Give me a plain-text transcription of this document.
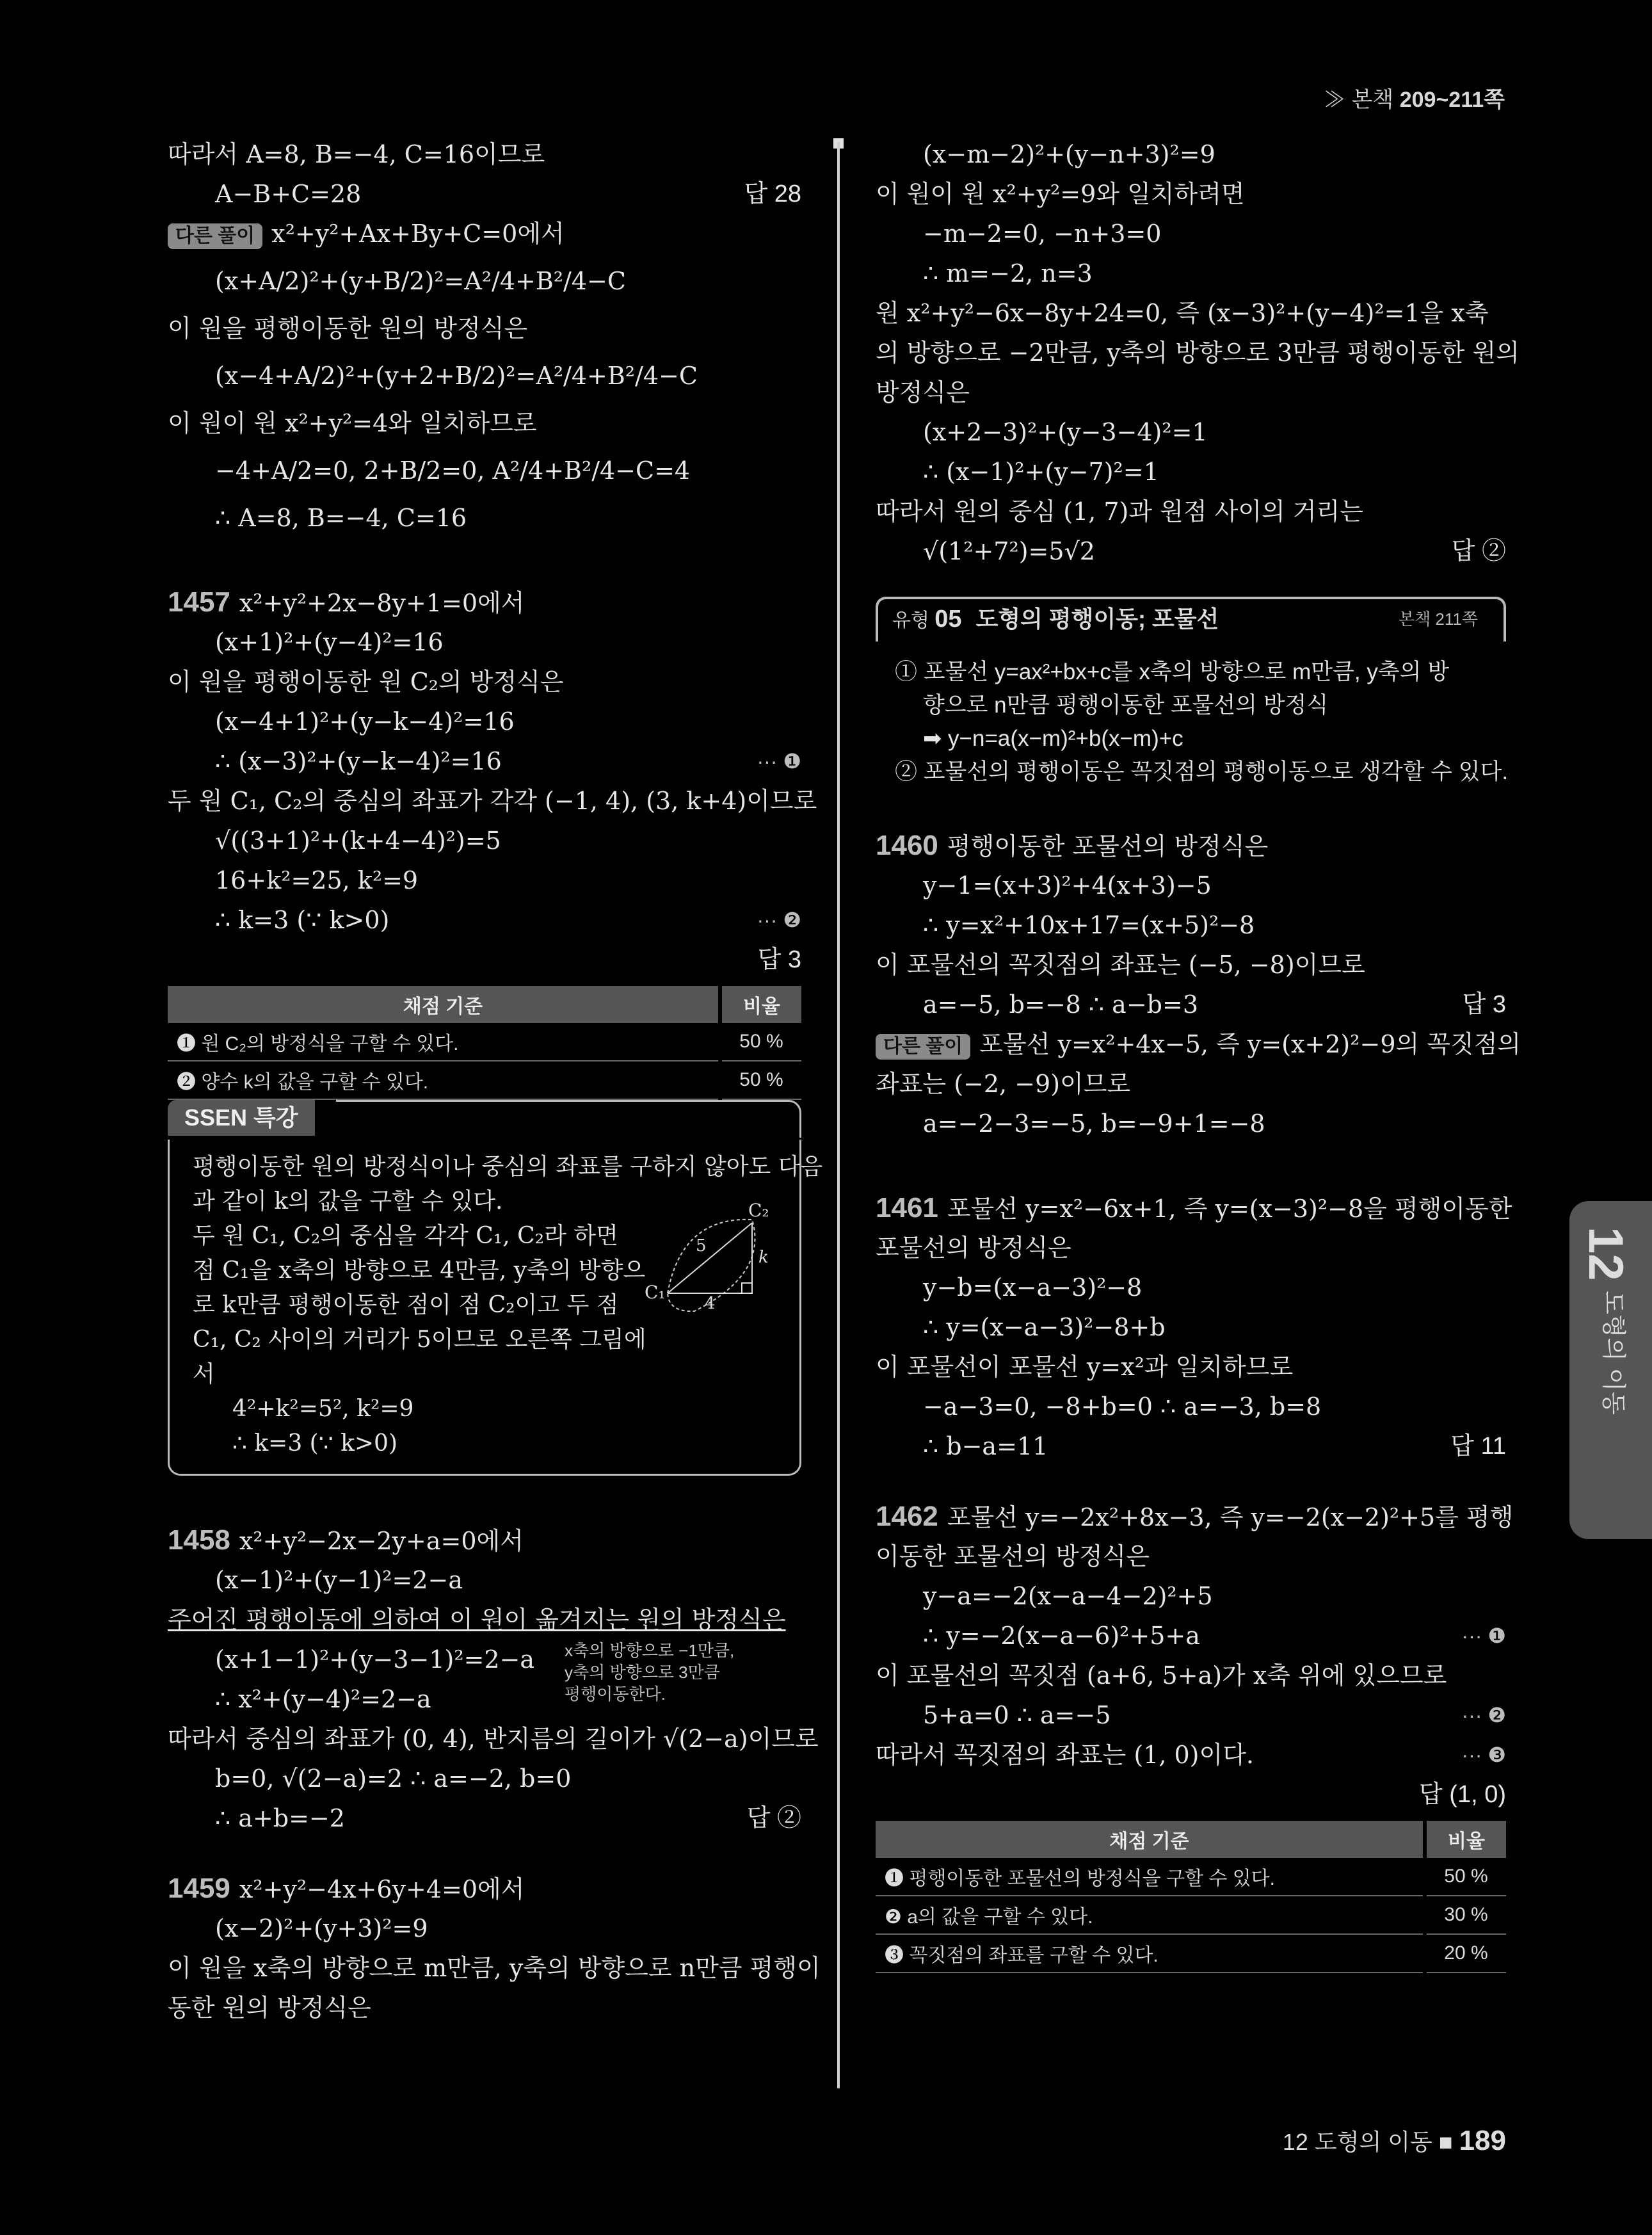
≫ 본책 209~211쪽
따라서 A=8, B=−4, C=16이므로
A−B+C=28	답 28
다른 풀이 x²+y²+Ax+By+C=0에서
(x+A/2)²+(y+B/2)²=A²/4+B²/4−C
이 원을 평행이동한 원의 방정식은
(x−4+A/2)²+(y+2+B/2)²=A²/4+B²/4−C
이 원이 원 x²+y²=4와 일치하므로
−4+A/2=0, 2+B/2=0, A²/4+B²/4−C=4
∴ A=8, B=−4, C=16
1457 x²+y²+2x−8y+1=0에서
(x+1)²+(y−4)²=16
이 원을 평행이동한 원 C₂의 방정식은
(x−4+1)²+(y−k−4)²=16
∴ (x−3)²+(y−k−4)²=16	··· ❶
두 원 C₁, C₂의 중심의 좌표가 각각 (−1, 4), (3, k+4)이므로
√((3+1)²+(k+4−4)²)=5
16+k²=25, k²=9
∴ k=3 (∵ k>0)	··· ❷
답 3
채점 기준	비율
❶ 원 C₂의 방정식을 구할 수 있다.	50 %
❷ 양수 k의 값을 구할 수 있다.	50 %
SSEN 특강
평행이동한 원의 방정식이나 중심의 좌표를 구하지 않아도 다음
과 같이 k의 값을 구할 수 있다.
두 원 C₁, C₂의 중심을 각각 C₁, C₂라 하면
점 C₁을 x축의 방향으로 4만큼, y축의 방향으
로 k만큼 평행이동한 점이 점 C₂이고 두 점
C₁, C₂ 사이의 거리가 5이므로 오른쪽 그림에
서
4²+k²=5², k²=9
∴ k=3 (∵ k>0)
C₁
C₂
5
4
k
1458 x²+y²−2x−2y+a=0에서
(x−1)²+(y−1)²=2−a
주어진 평행이동에 의하여 이 원이 옮겨지는 원의 방정식은
(x+1−1)²+(y−3−1)²=2−a x축의 방향으로 −1만큼,
y축의 방향으로 3만큼
평행이동한다.
∴ x²+(y−4)²=2−a
따라서 중심의 좌표가 (0, 4), 반지름의 길이가 √(2−a)이므로
b=0, √(2−a)=2 ∴ a=−2, b=0
∴ a+b=−2	답 ②
1459 x²+y²−4x+6y+4=0에서
(x−2)²+(y+3)²=9
이 원을 x축의 방향으로 m만큼, y축의 방향으로 n만큼 평행이
동한 원의 방정식은
(x−m−2)²+(y−n+3)²=9
이 원이 원 x²+y²=9와 일치하려면
−m−2=0, −n+3=0
∴ m=−2, n=3
원 x²+y²−6x−8y+24=0, 즉 (x−3)²+(y−4)²=1을 x축
의 방향으로 −2만큼, y축의 방향으로 3만큼 평행이동한 원의
방정식은
(x+2−3)²+(y−3−4)²=1
∴ (x−1)²+(y−7)²=1
따라서 원의 중심 (1, 7)과 원점 사이의 거리는
√(1²+7²)=5√2	답 ②
유형 05 도형의 평행이동; 포물선	본책 211쪽
① 포물선 y=ax²+bx+c를 x축의 방향으로 m만큼, y축의 방
향으로 n만큼 평행이동한 포물선의 방정식
➡ y−n=a(x−m)²+b(x−m)+c
② 포물선의 평행이동은 꼭짓점의 평행이동으로 생각할 수 있다.
1460 평행이동한 포물선의 방정식은
y−1=(x+3)²+4(x+3)−5
∴ y=x²+10x+17=(x+5)²−8
이 포물선의 꼭짓점의 좌표는 (−5, −8)이므로
a=−5, b=−8 ∴ a−b=3	답 3
다른 풀이 포물선 y=x²+4x−5, 즉 y=(x+2)²−9의 꼭짓점의
좌표는 (−2, −9)이므로
a=−2−3=−5, b=−9+1=−8
1461 포물선 y=x²−6x+1, 즉 y=(x−3)²−8을 평행이동한
포물선의 방정식은
y−b=(x−a−3)²−8
∴ y=(x−a−3)²−8+b
이 포물선이 포물선 y=x²과 일치하므로
−a−3=0, −8+b=0 ∴ a=−3, b=8
∴ b−a=11	답 11
1462 포물선 y=−2x²+8x−3, 즉 y=−2(x−2)²+5를 평행
이동한 포물선의 방정식은
y−a=−2(x−a−4−2)²+5
∴ y=−2(x−a−6)²+5+a	··· ❶
이 포물선의 꼭짓점 (a+6, 5+a)가 x축 위에 있으므로
5+a=0 ∴ a=−5	··· ❷
따라서 꼭짓점의 좌표는 (1, 0)이다.	··· ❸
답 (1, 0)
채점 기준	비율
❶ 평행이동한 포물선의 방정식을 구할 수 있다.	50 %
❷ a의 값을 구할 수 있다.	30 %
❸ 꼭짓점의 좌표를 구할 수 있다.	20 %
12
도형의 이동
12 도형의 이동 ■ 189
